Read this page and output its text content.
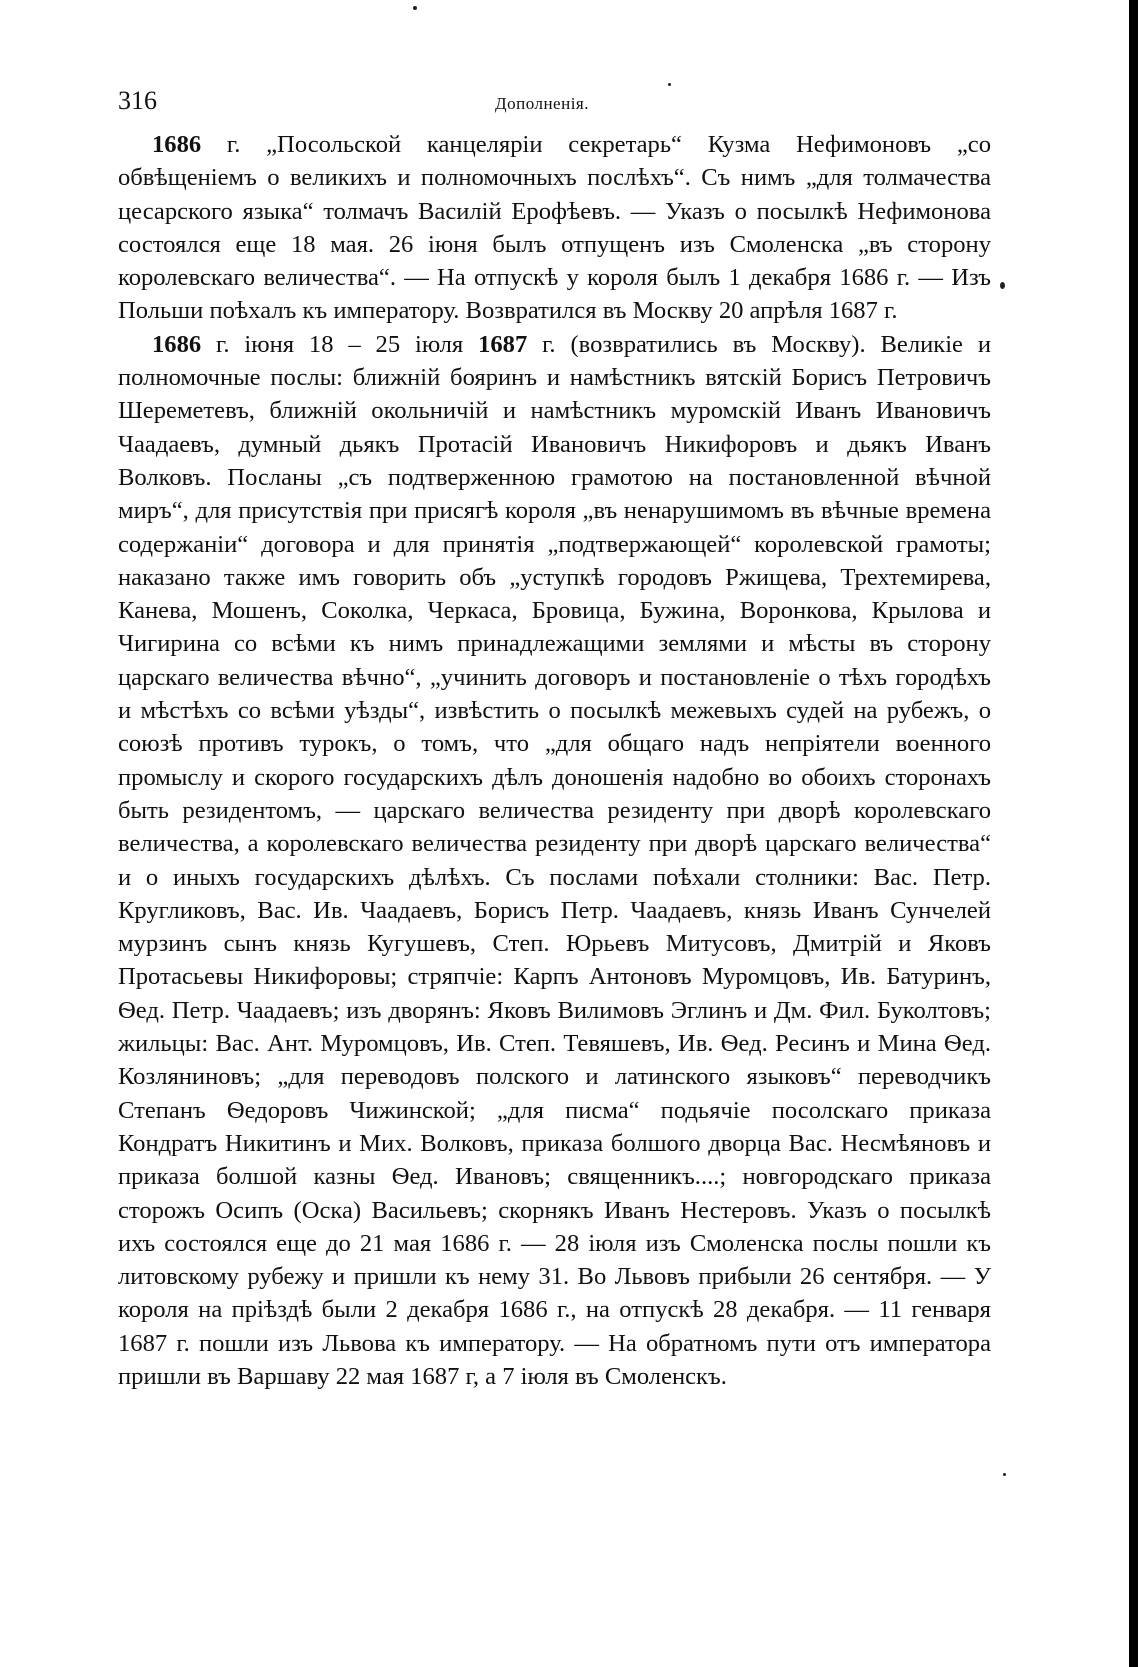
316	Дополненія.

1686 г. „Посольской канцеляріи секретарь“ Кузма Нефимоновъ „со обвѣщеніемъ о великихъ и полномочныхъ послѣхъ“. Съ нимъ „для толмачества цесарского языка“ толмачъ Василій Ерофѣевъ. — Указъ о посылкѣ Нефимонова состоялся еще 18 мая. 26 іюня былъ отпущенъ изъ Смоленска „въ сторону королевскаго величества“. — На отпускѣ у короля былъ 1 декабря 1686 г. — Изъ Польши поѣхалъ къ императору. Возвратился въ Москву 20 апрѣля 1687 г.

1686 г. іюня 18 – 25 іюля 1687 г. (возвратились въ Москву). Великіе и полномочные послы: ближній бояринъ и намѣстникъ вятскій Борисъ Петровичъ Шереметевъ, ближній окольничій и намѣстникъ муромскій Иванъ Ивановичъ Чаадаевъ, думный дьякъ Протасій Ивановичъ Никифоровъ и дьякъ Иванъ Волковъ. Посланы „съ подтверженною грамотою на постановленной вѣчной миръ“, для присутствія при присягѣ короля „въ ненарушимомъ въ вѣчные времена содержаніи“ договора и для принятія „подтвержающей“ королевской грамоты; наказано также имъ говорить объ „уступкѣ городовъ Ржищева, Трехтемирева, Канева, Мошенъ, Соколка, Черкаса, Бровица, Бужина, Воронкова, Крылова и Чигирина со всѣми къ нимъ принадлежащими землями и мѣсты въ сторону царскаго величества вѣчно“, „учинить договоръ и постановленіе о тѣхъ городѣхъ и мѣстѣхъ со всѣми уѣзды“, извѣстить о посылкѣ межевыхъ судей на рубежъ, о союзѣ противъ турокъ, о томъ, что „для общаго надъ непріятели военного промыслу и скорого государскихъ дѣлъ доношенія надобно во обоихъ сторонахъ быть резидентомъ, — царскаго величества резиденту при дворѣ королевскаго величества, а королевскаго величества резиденту при дворѣ царскаго величества“ и о иныхъ государскихъ дѣлѣхъ. Съ послами поѣхали столники: Вас. Петр. Кругликовъ, Вас. Ив. Чаадаевъ, Борисъ Петр. Чаадаевъ, князь Иванъ Сунчелей мурзинъ сынъ князь Кугушевъ, Степ. Юрьевъ Митусовъ, Дмитрій и Яковъ Протасьевы Никифоровы; стряпчіе: Карпъ Антоновъ Муромцовъ, Ив. Батуринъ, Ѳед. Петр. Чаадаевъ; изъ дворянъ: Яковъ Вилимовъ Эглинъ и Дм. Фил. Буколтовъ; жильцы: Вас. Ант. Муромцовъ, Ив. Степ. Тевяшевъ, Ив. Ѳед. Ресинъ и Мина Ѳед. Козляниновъ; „для переводовъ полского и латинского языковъ“ переводчикъ Степанъ Ѳедоровъ Чижинской; „для писма“ подьячіе посолскаго приказа Кондратъ Никитинъ и Мих. Волковъ, приказа болшого дворца Вас. Несмѣяновъ и приказа болшой казны Ѳед. Ивановъ; священникъ....; новгородскаго приказа сторожъ Осипъ (Оска) Васильевъ; скорнякъ Иванъ Нестеровъ. Указъ о посылкѣ ихъ состоялся еще до 21 мая 1686 г. — 28 іюля изъ Смоленска послы пошли къ литовскому рубежу и пришли къ нему 31. Во Львовъ прибыли 26 сентября. — У короля на пріѣздѣ были 2 декабря 1686 г., на отпускѣ 28 декабря. — 11 генваря 1687 г. пошли изъ Львова къ императору. — На обратномъ пути отъ императора пришли въ Варшаву 22 мая 1687 г, а 7 іюля въ Смоленскъ.
